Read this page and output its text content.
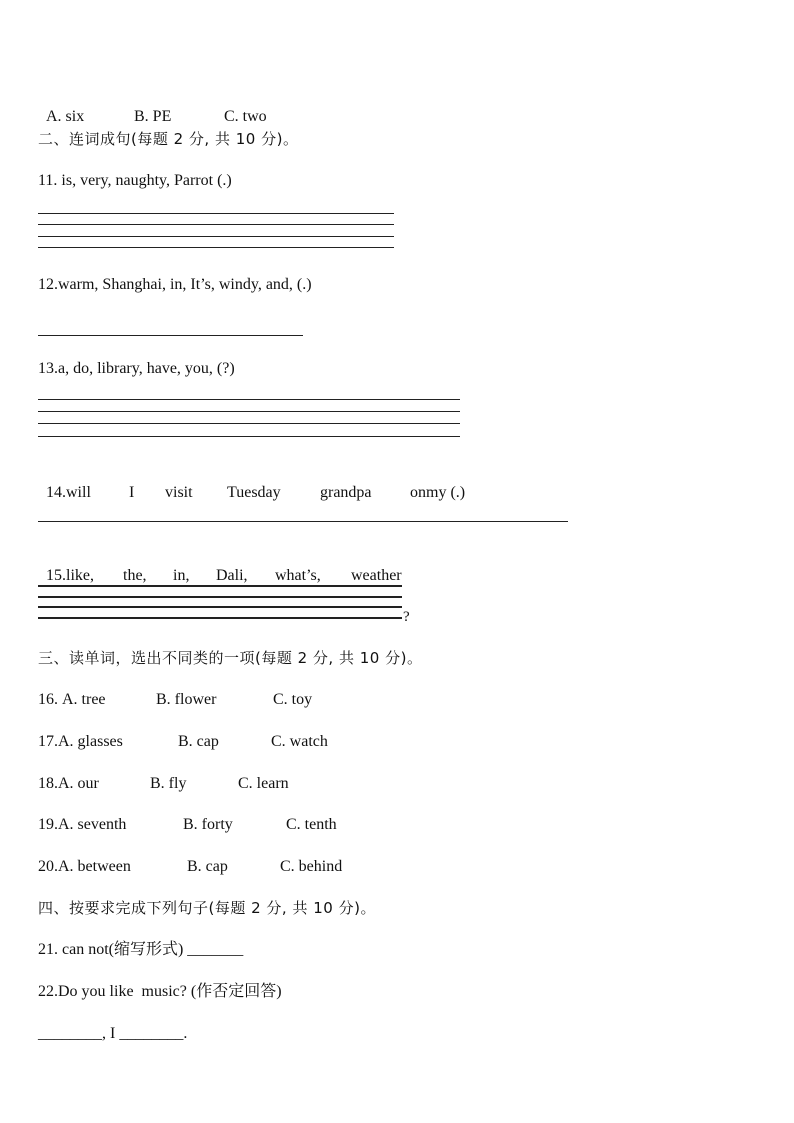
A. six	B. PE	C. two

二、连词成句(每题 2 分, 共 10 分)。
11. is, very, naughty, Parrot (.)
12.warm, Shanghai, in, It’s, windy, and, (.)
13.a, do, library, have, you, (?)

14.will I visit Tuesday grandpa onmy (.)

15.like, the, in, Dali, what’s, weather

?
三、读单词，选出不同类的一项(每题 2 分, 共 10 分)。
16. A. tree	B. flower	C. toy
17.A. glasses	B. cap	C. watch
18.A. our	B. fly	C. learn
19.A. seventh	B. forty	C. tenth
20.A. between	B. cap	C. behind
四、按要求完成下列句子(每题 2 分, 共 10 分)。
21. can not(缩写形式) _______
22.Do you like  music? (作否定回答)
________, I ________.
